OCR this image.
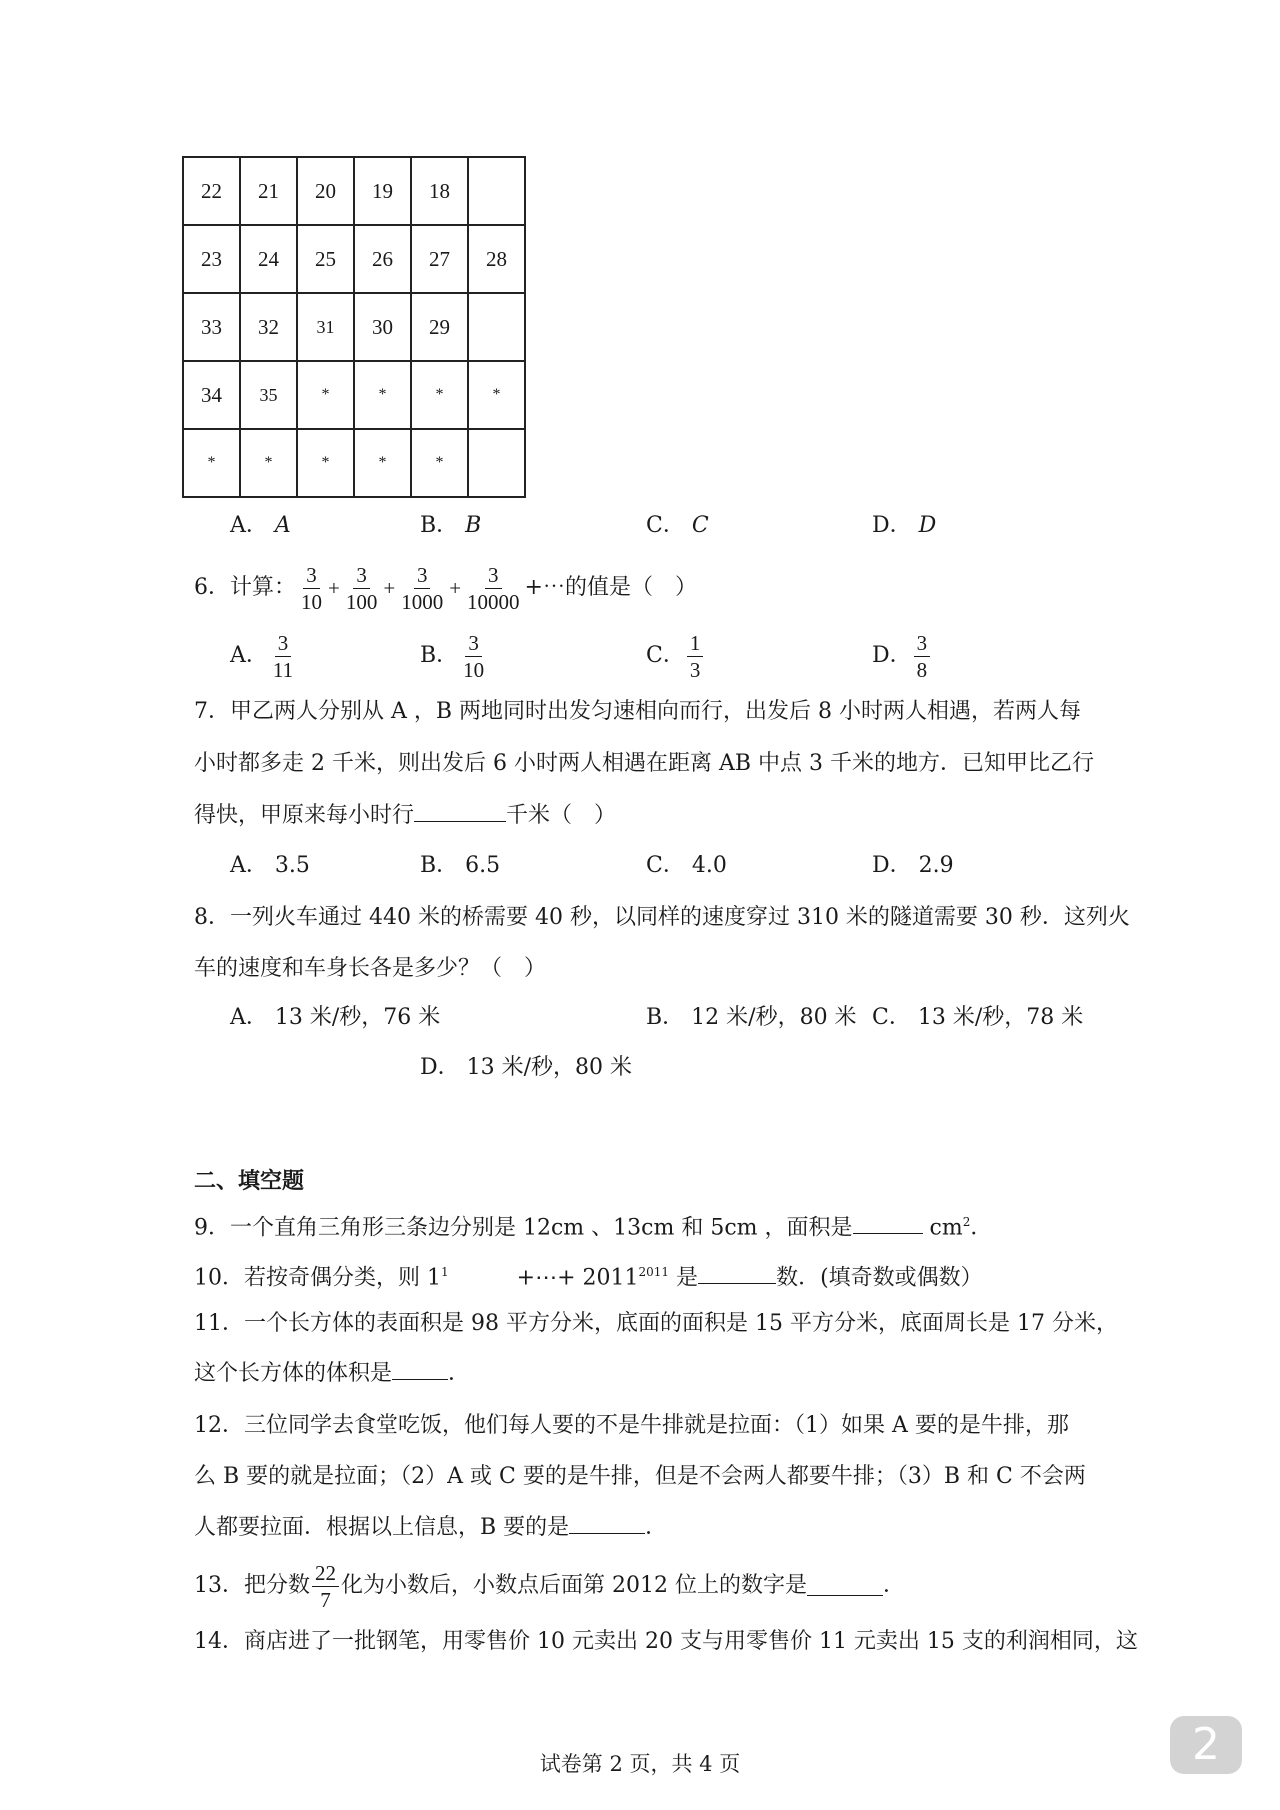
22	21	20	19	18	
23	24	25	26	27	28
33	32	31	30	29	
34	35	*	*	*	*
*	*	*	*	*	
A． A	B． B	C． C	D． D
6．计算： $\frac{3}{10} + \frac{3}{100} + \frac{3}{1000} + \frac{3}{10000}$ +⋯的值是（　）
A． $\frac{3}{11}$	B． $\frac{3}{10}$	C． $\frac{1}{3}$	D． $\frac{3}{8}$
7．甲乙两人分别从 A ，B 两地同时出发匀速相向而行，出发后 8 小时两人相遇，若两人每
小时都多走 2 千米，则出发后 6 小时两人相遇在距离 AB 中点 3 千米的地方．已知甲比乙行
得快，甲原来每小时行	千米（　）
A． 3.5	B． 6.5	C． 4.0	D． 2.9
8．一列火车通过 440 米的桥需要 40 秒，以同样的速度穿过 310 米的隧道需要 30 秒．这列火
车的速度和车身长各是多少？（　）
A． 13 米/秒，76 米	B． 12 米/秒，80 米 C． 13 米/秒，78 米
D． 13 米/秒，80 米
二、填空题
9．一个直角三角形三条边分别是 12cm 、13cm 和 5cm ，面积是	$cm^2$．
10．若按奇偶分类，则 $1^1$	+⋯+ $2011^{2011}$ 是	数．(填奇数或偶数）
11．一个长方体的表面积是 98 平方分米，底面的面积是 15 平方分米，底面周长是 17 分米，
这个长方体的体积是	．
12．三位同学去食堂吃饭，他们每人要的不是牛排就是拉面：（1）如果 A 要的是牛排，那
么 B 要的就是拉面；（2）A 或 C 要的是牛排，但是不会两人都要牛排；（3）B 和 C 不会两
人都要拉面．根据以上信息，B 要的是	．
13．把分数 $\frac{22}{7}$ 化为小数后，小数点后面第 2012 位上的数字是	．
14．商店进了一批钢笔，用零售价 10 元卖出 20 支与用零售价 11 元卖出 15 支的利润相同，这
试卷第 2 页，共 4 页	2
